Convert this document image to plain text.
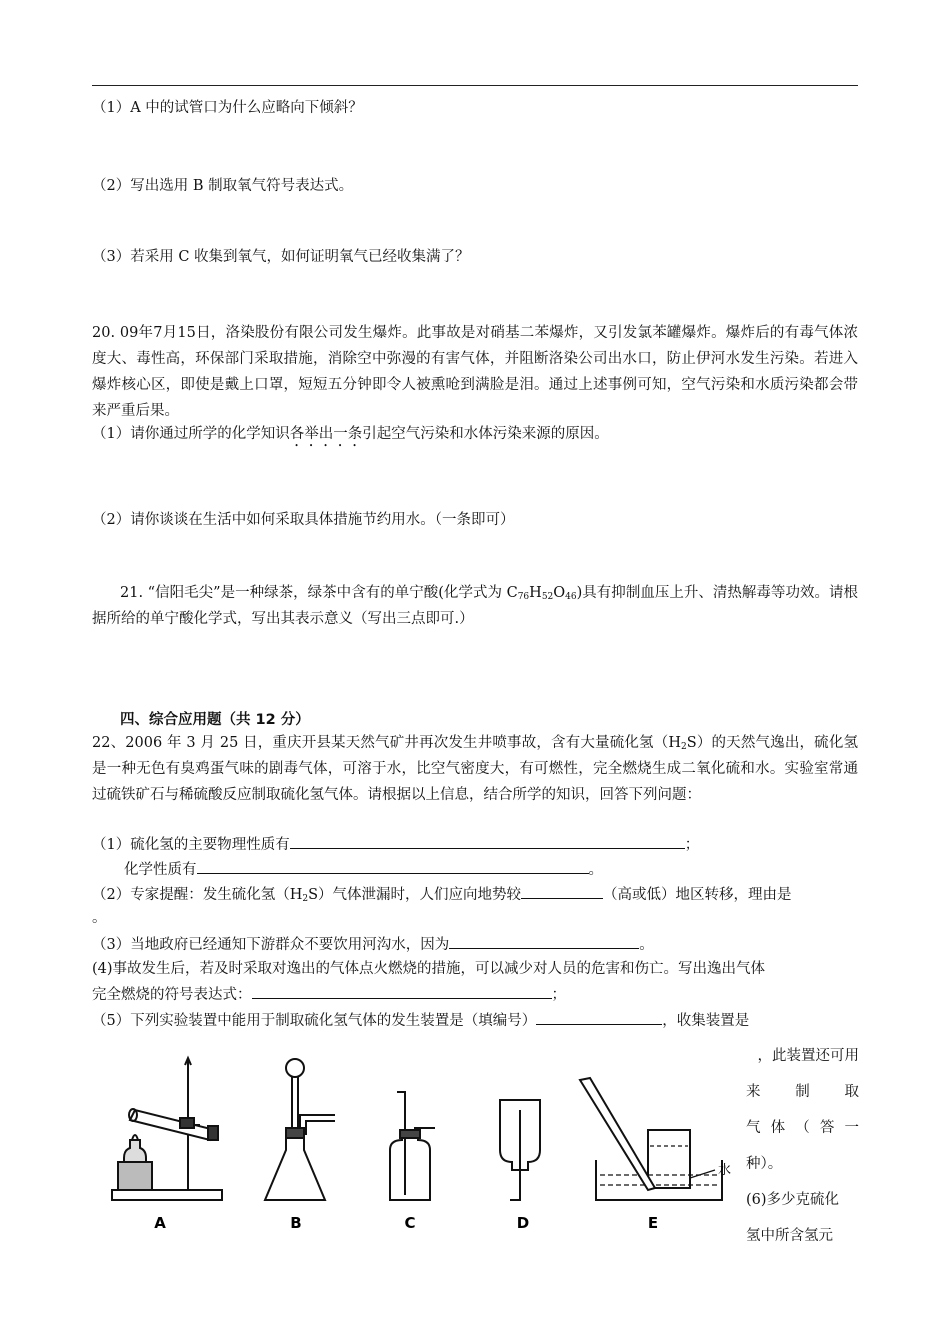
（1）A 中的试管口为什么应略向下倾斜？
（2）写出选用 B 制取氧气符号表达式。
（3）若采用 C 收集到氧气，如何证明氧气已经收集满了？
20. 09年7月15日，洛染股份有限公司发生爆炸。此事故是对硝基二苯爆炸，又引发氯苯罐爆炸。爆炸后的有毒气体浓度大、毒性高，环保部门采取措施，消除空中弥漫的有害气体，并阻断洛染公司出水口，防止伊河水发生污染。若进入爆炸核心区，即使是戴上口罩，短短五分钟即令人被熏呛到满脸是泪。通过上述事例可知，空气污染和水质污染都会带来严重后果。
（1）请你通过所学的化学知识各举出一条引起空气污染和水体污染来源的原因。
（2）请你谈谈在生活中如何采取具体措施节约用水。（一条即可）
21. “信阳毛尖”是一种绿茶，绿茶中含有的单宁酸(化学式为 $C_{76}H_{52}O_{46}$)具有抑制血压上升、清热解毒等功效。请根据所给的单宁酸化学式，写出其表示意义（写出三点即可.）
四、综合应用题（共 12 分）
22、2006 年 3 月 25 日，重庆开县某天然气矿井再次发生井喷事故，含有大量硫化氢$(H_2S)$的天然气逸出，硫化氢是一种无色有臭鸡蛋气味的剧毒气体，可溶于水，比空气密度大，有可燃性，完全燃烧生成二氧化硫和水。实验室常通过硫铁矿石与稀硫酸反应制取硫化氢气体。请根据以上信息，结合所学的知识，回答下列问题：
（1）硫化氢的主要物理性质有	；
化学性质有	。
（2）专家提醒：发生硫化氢$(H_2S)$气体泄漏时，人们应向地势较	（高或低）地区转移，理由是
。
（3）当地政府已经通知下游群众不要饮用河沟水，因为	。
(4)事故发生后，若及时采取对逸出的气体点火燃烧的措施，可以减少对人员的危害和伤亡。写出逸出气体
完全燃烧的符号表达式：	；
（5）下列实验装置中能用于制取硫化氢气体的发生装置是（填编号）	，收集装置是
，此装置还可用
来 制 取
气 体 （ 答 一
种）。
(6)多少克硫化
氢中所含氢元
A	B	C	D	E
水
